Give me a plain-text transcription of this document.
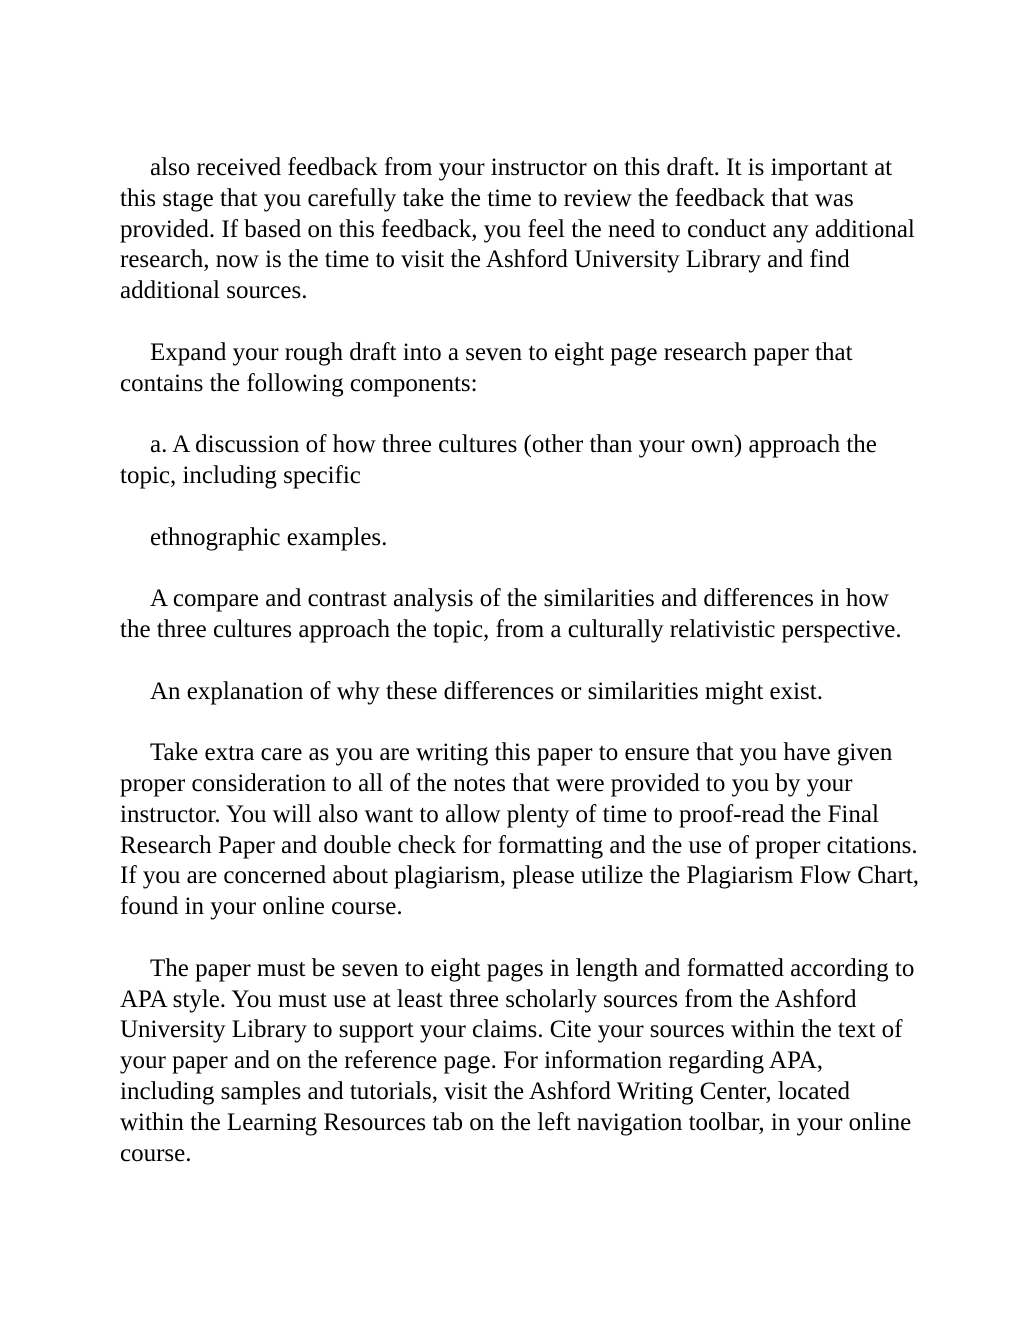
also received feedback from your instructor on this draft. It is important at this stage that you carefully take the time to review the feedback that was provided. If based on this feedback, you feel the need to conduct any additional research, now is the time to visit the Ashford University Library and find additional sources.

Expand your rough draft into a seven to eight page research paper that contains the following components:

a. A discussion of how three cultures (other than your own) approach the topic, including specific

ethnographic examples.

A compare and contrast analysis of the similarities and differences in how the three cultures approach the topic, from a culturally relativistic perspective.

An explanation of why these differences or similarities might exist.

Take extra care as you are writing this paper to ensure that you have given proper consideration to all of the notes that were provided to you by your instructor. You will also want to allow plenty of time to proof-read the Final Research Paper and double check for formatting and the use of proper citations. If you are concerned about plagiarism, please utilize the Plagiarism Flow Chart, found in your online course.

The paper must be seven to eight pages in length and formatted according to APA style. You must use at least three scholarly sources from the Ashford University Library to support your claims. Cite your sources within the text of your paper and on the reference page. For information regarding APA, including samples and tutorials, visit the Ashford Writing Center, located within the Learning Resources tab on the left navigation toolbar, in your online course.
